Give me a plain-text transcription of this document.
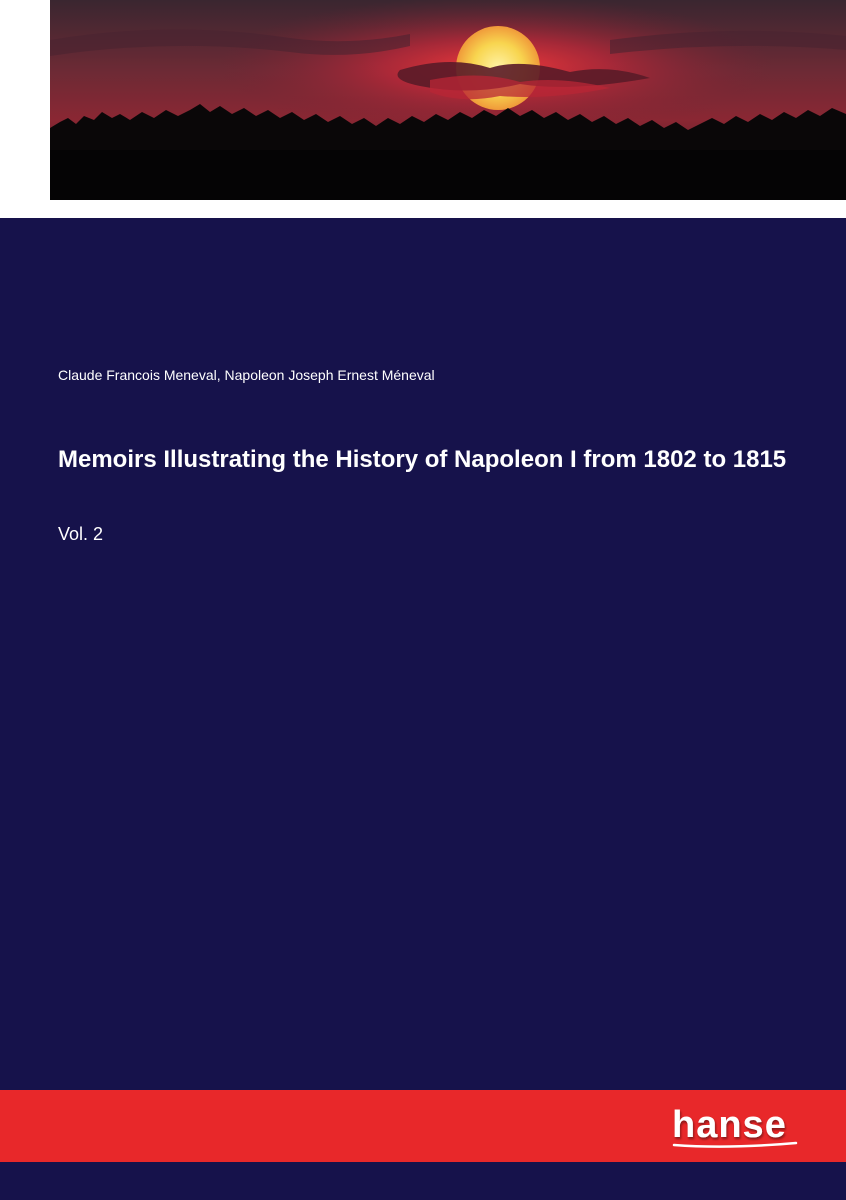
Claude Francois Meneval, Napoleon Joseph Ernest Méneval
Memoirs Illustrating the History of Napoleon I from 1802 to 1815
Vol. 2
hanse
